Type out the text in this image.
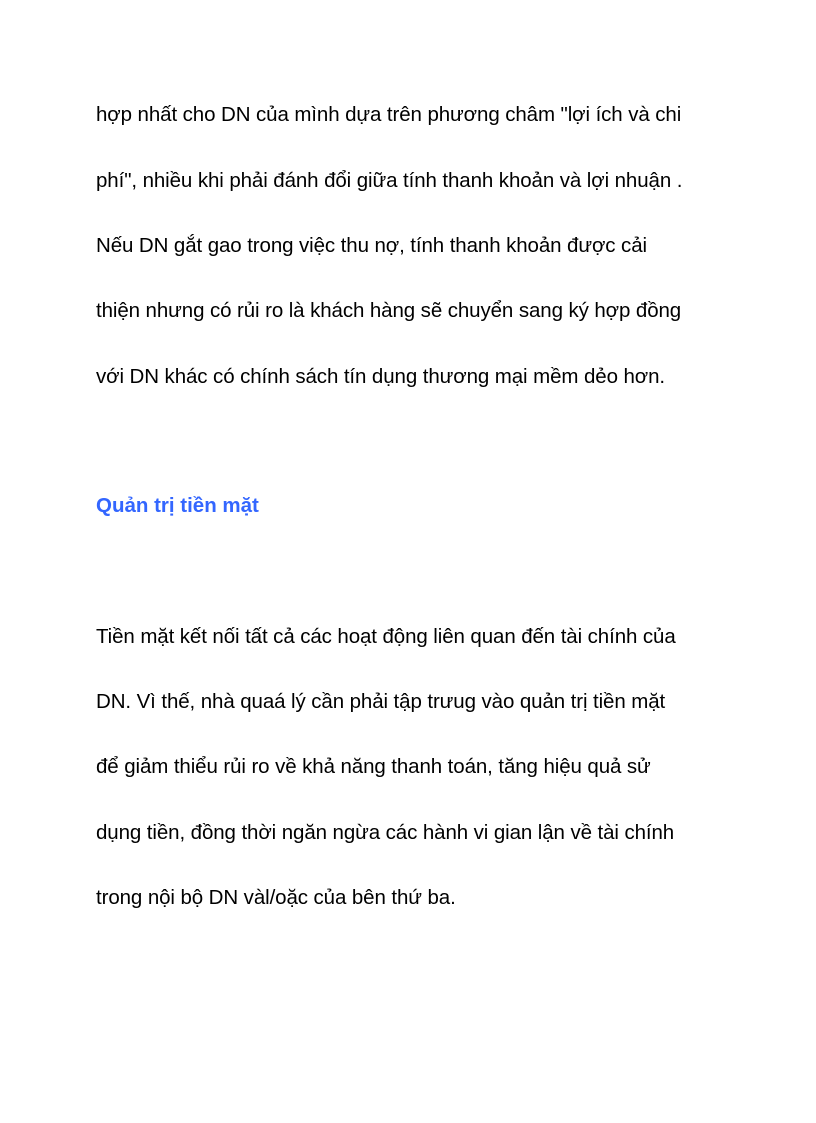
hợp nhất cho DN của mình dựa trên phương châm "lợi ích và chi

phí", nhiều khi phải đánh đổi giữa tính thanh khoản và lợi nhuận .

Nếu DN gắt gao trong việc thu nợ, tính thanh khoản được cải

thiện nhưng có rủi ro là khách hàng sẽ chuyển sang ký hợp đồng

với DN khác có chính sách tín dụng thương mại mềm dẻo hơn.

Quản trị tiền mặt

Tiền mặt kết nối tất cả các hoạt động liên quan đến tài chính của

DN. Vì thế, nhà quaá lý cần phải tập trưug vào quản trị tiền mặt

để giảm thiểu rủi ro về khả năng thanh toán, tăng hiệu quả sử

dụng tiền, đồng thời ngăn ngừa các hành vi gian lận về tài chính

trong nội bộ DN vàl/oặc của bên thứ ba.
